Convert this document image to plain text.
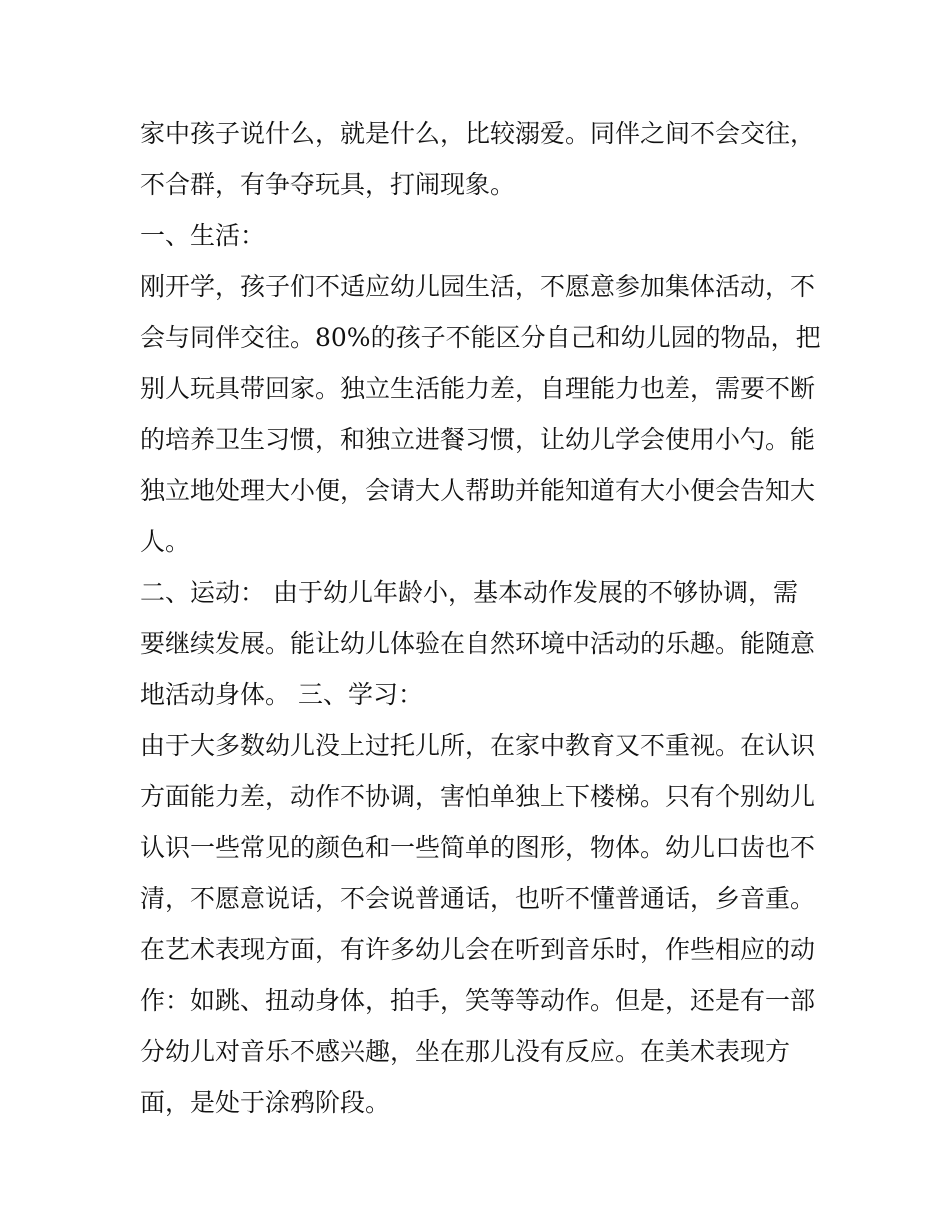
家中孩子说什么，就是什么，比较溺爱。同伴之间不会交往，
不合群，有争夺玩具，打闹现象。
一、生活：
刚开学，孩子们不适应幼儿园生活，不愿意参加集体活动，不
会与同伴交往。80%的孩子不能区分自己和幼儿园的物品，把
别人玩具带回家。独立生活能力差，自理能力也差，需要不断
的培养卫生习惯，和独立进餐习惯，让幼儿学会使用小勺。能
独立地处理大小便，会请大人帮助并能知道有大小便会告知大
人。
二、运动： 由于幼儿年龄小，基本动作发展的不够协调，需
要继续发展。能让幼儿体验在自然环境中活动的乐趣。能随意
地活动身体。 三、学习：
由于大多数幼儿没上过托儿所，在家中教育又不重视。在认识
方面能力差，动作不协调，害怕单独上下楼梯。只有个别幼儿
认识一些常见的颜色和一些简单的图形，物体。幼儿口齿也不
清，不愿意说话，不会说普通话，也听不懂普通话，乡音重。
在艺术表现方面，有许多幼儿会在听到音乐时，作些相应的动
作：如跳、扭动身体，拍手，笑等等动作。但是，还是有一部
分幼儿对音乐不感兴趣，坐在那儿没有反应。在美术表现方
面，是处于涂鸦阶段。
